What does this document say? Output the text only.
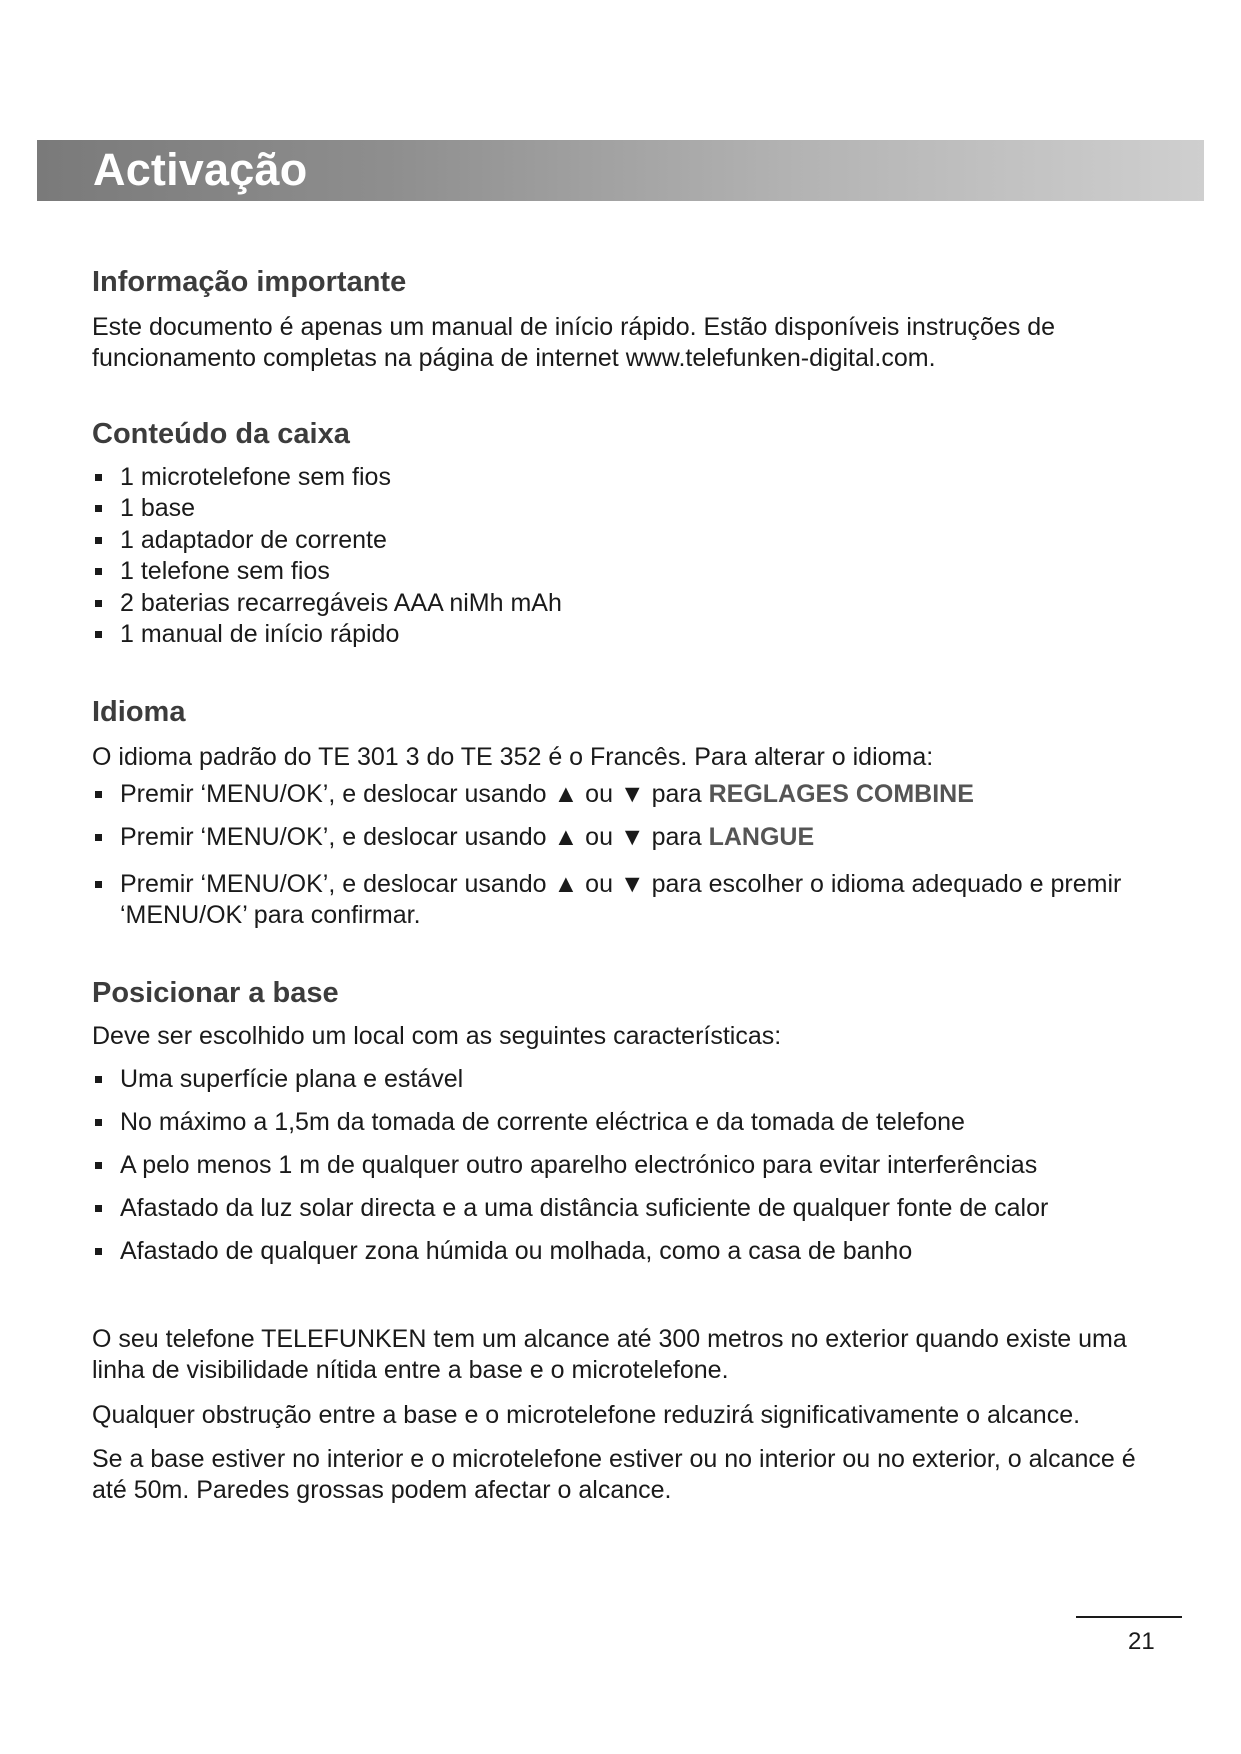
Activação
Informação importante

Este documento é apenas um manual de início rápido. Estão disponíveis instruções de funcionamento completas na página de internet www.telefunken-digital.com.

Conteúdo da caixa
1 microtelefone sem fios
1 base
1 adaptador de corrente
1 telefone sem fios
2 baterias recarregáveis AAA niMh mAh
1 manual de início rápido
Idioma

O idioma padrão do TE 301 3 do TE 352 é o Francês. Para alterar o idioma:

Premir ‘MENU/OK’, e deslocar usando ▲ ou ▼ para REGLAGES COMBINE
Premir ‘MENU/OK’, e deslocar usando ▲ ou ▼ para LANGUE
Premir ‘MENU/OK’, e deslocar usando ▲ ou ▼ para escolher o idioma adequado e premir ‘MENU/OK’ para confirmar.
Posicionar a base

Deve ser escolhido um local com as seguintes características:

Uma superfície plana e estável
No máximo a 1,5m da tomada de corrente eléctrica e da tomada de telefone
A pelo menos 1 m de qualquer outro aparelho electrónico para evitar interferências
Afastado da luz solar directa e a uma distância suficiente de qualquer fonte de calor
Afastado de qualquer zona húmida ou molhada, como a casa de banho

O seu telefone TELEFUNKEN tem um alcance até 300 metros no exterior quando existe uma linha de visibilidade nítida entre a base e o microtelefone.

Qualquer obstrução entre a base e o microtelefone reduzirá significativamente o alcance.

Se a base estiver no interior e o microtelefone estiver ou no interior ou no exterior, o alcance é até 50m. Paredes grossas podem afectar o alcance.

21
